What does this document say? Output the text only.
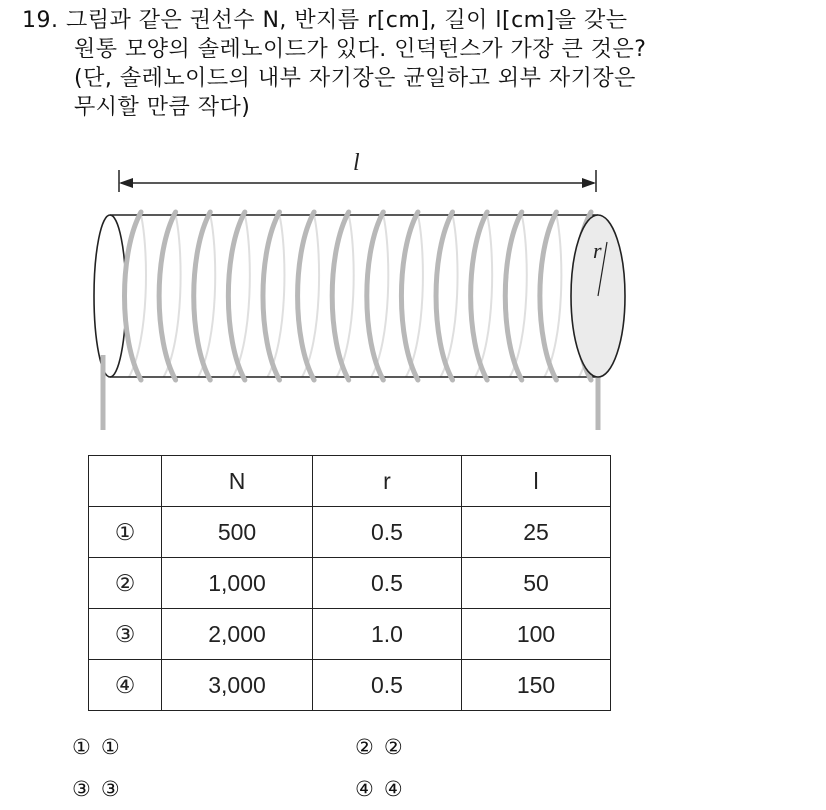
19. 그림과 같은 권선수 N, 반지름 r[cm], 길이 l[cm]을 갖는
원통 모양의 솔레노이드가 있다. 인덕턴스가 가장 큰 것은?
(단, 솔레노이드의 내부 자기장은 균일하고 외부 자기장은
무시할 만큼 작다)
l
r
	N	r	l
①	500	0.5	25
②	1,000	0.5	50
③	2,000	1.0	100
④	3,000	0.5	150
① ①	② ②
③ ③	④ ④
